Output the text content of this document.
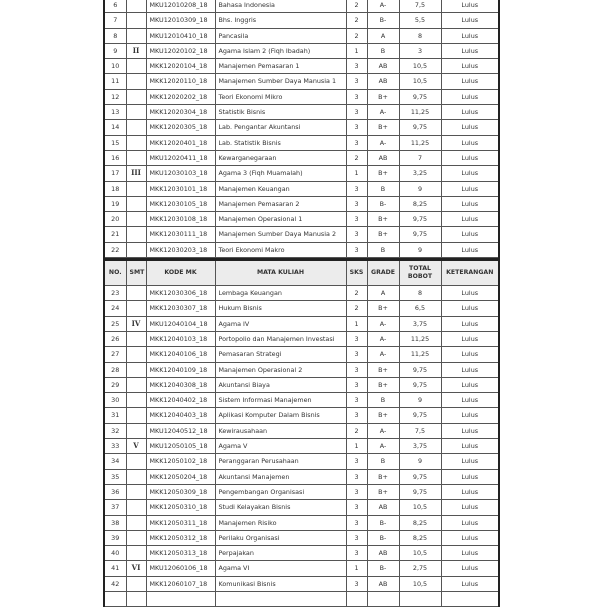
6		MKU12010208_18	Bahasa Indonesia	2	A-	7,5	Lulus
7		MKU12010309_18	Bhs. Inggris	2	B-	5,5	Lulus
8		MKU12010410_18	Pancasila	2	A	8	Lulus
9	II	MKU12020102_18	Agama Islam 2 (Fiqh Ibadah)	1	B	3	Lulus
10		MKK12020104_18	Manajemen Pemasaran 1	3	AB	10,5	Lulus
11		MKK12020110_18	Manajemen Sumber Daya Manusia 1	3	AB	10,5	Lulus
12		MKK12020202_18	Teori Ekonomi Mikro	3	B+	9,75	Lulus
13		MKK12020304_18	Statistik Bisnis	3	A-	11,25	Lulus
14		MKK12020305_18	Lab. Pengantar Akuntansi	3	B+	9,75	Lulus
15		MKK12020401_18	Lab. Statistik Bisnis	3	A-	11,25	Lulus
16		MKU12020411_18	Kewarganegaraan	2	AB	7	Lulus
17	III	MKU12030103_18	Agama 3 (Fiqh Muamalah)	1	B+	3,25	Lulus
18		MKK12030101_18	Manajemen Keuangan	3	B	9	Lulus
19		MKK12030105_18	Manajemen Pemasaran 2	3	B-	8,25	Lulus
20		MKK12030108_18	Manajemen Operasional 1	3	B+	9,75	Lulus
21		MKK12030111_18	Manajemen Sumber Daya Manusia 2	3	B+	9,75	Lulus
22		MKK12030203_18	Teori Ekonomi Makro	3	B	9	Lulus
NO.	SMT	KODE MK	MATA KULIAH	SKS	GRADE	TOTAL BOBOT	KETERANGAN
23		MKK12030306_18	Lembaga Keuangan	2	A	8	Lulus
24		MKK12030307_18	Hukum Bisnis	2	B+	6,5	Lulus
25	IV	MKU12040104_18	Agama IV	1	A-	3,75	Lulus
26		MKK12040103_18	Portopolio dan Manajemen Investasi	3	A-	11,25	Lulus
27		MKK12040106_18	Pemasaran Strategi	3	A-	11,25	Lulus
28		MKK12040109_18	Manajemen Operasional 2	3	B+	9,75	Lulus
29		MKK12040308_18	Akuntansi Biaya	3	B+	9,75	Lulus
30		MKK12040402_18	Sistem Informasi Manajemen	3	B	9	Lulus
31		MKK12040403_18	Aplikasi Komputer Dalam Bisnis	3	B+	9,75	Lulus
32		MKU12040512_18	Kewirausahaan	2	A-	7,5	Lulus
33	V	MKU12050105_18	Agama V	1	A-	3,75	Lulus
34		MKK12050102_18	Peranggaran Perusahaan	3	B	9	Lulus
35		MKK12050204_18	Akuntansi Manajemen	3	B+	9,75	Lulus
36		MKK12050309_18	Pengembangan Organisasi	3	B+	9,75	Lulus
37		MKK12050310_18	Studi Kelayakan Bisnis	3	AB	10,5	Lulus
38		MKK12050311_18	Manajemen Risiko	3	B-	8,25	Lulus
39		MKK12050312_18	Perilaku Organisasi	3	B-	8,25	Lulus
40		MKK12050313_18	Perpajakan	3	AB	10,5	Lulus
41	VI	MKU12060106_18	Agama VI	1	B-	2,75	Lulus
42		MKK12060107_18	Komunikasi Bisnis	3	AB	10,5	Lulus
